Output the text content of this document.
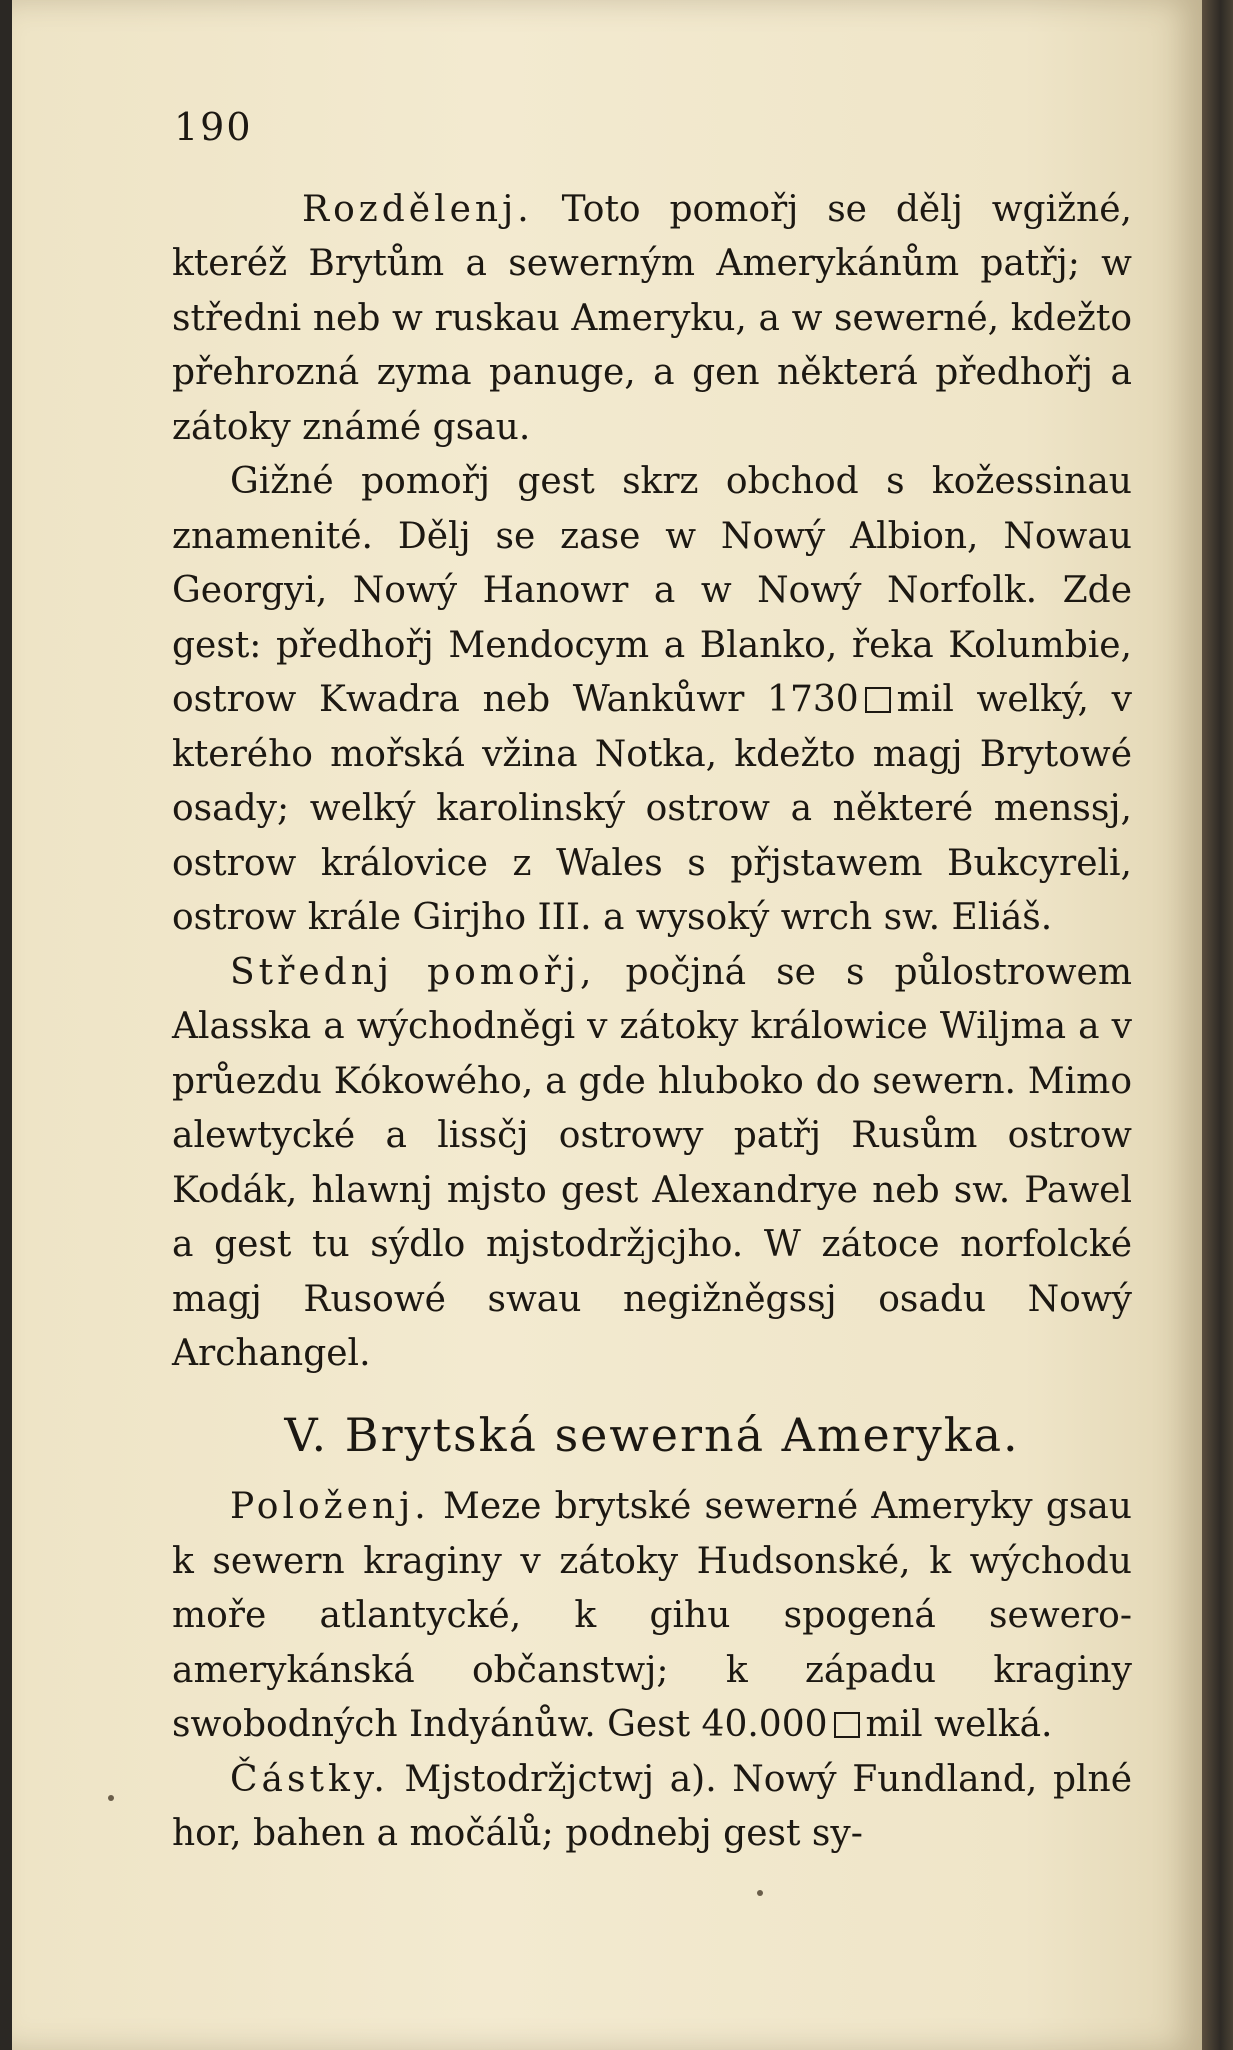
190

Rozdělenj. Toto pomořj se dělj wgižné, kteréž Brytům a sewerným Amerykánům patřj; w středni neb w ruskau Ameryku, a w sewerné, kdežto přehrozná zyma panuge, a gen některá předhořj a zátoky známé gsau.

Gižné pomořj gest skrz obchod s kožessinau znamenité. Dělj se zase w Nowý Albion, Nowau Georgyi, Nowý Hanowr a w Nowý Norfolk. Zde gest: předhořj Mendocym a Blanko, řeka Kolumbie, ostrow Kwadra neb Wankůwr 1730 mil welký, v kterého mořská vžina Notka, kdežto magj Brytowé osady; welký karolinský ostrow a některé menssj, ostrow královice z Wales s přjstawem Bukcyreli, ostrow krále Girjho III. a wysoký wrch sw. Eliáš.

Střednj pomořj, počjná se s půlostrowem Alasska a wýchodněgi v zátoky králowice Wiljma a v průezdu Kókowého, a gde hluboko do sewern. Mimo alewtycké a lissčj ostrowy patřj Rusům ostrow Kodák, hlawnj mjsto gest Alexandrye neb sw. Pawel a gest tu sýdlo mjstodržjcjho. W zátoce norfolcké magj Rusowé swau negižněgssj osadu Nowý Archangel.

V. Brytská sewerná Ameryka.

Položenj. Meze brytské sewerné Ameryky gsau k sewern kraginy v zátoky Hudsonské, k wýchodu moře atlantycké, k gihu spogená sewero-amerykánská občanstwj; k západu kraginy swobodných Indyánůw. Gest 40.000 mil welká.

Částky. Mjstodržjctwj a). Nowý Fundland, plné hor, bahen a močálů; podnebj gest sy-
